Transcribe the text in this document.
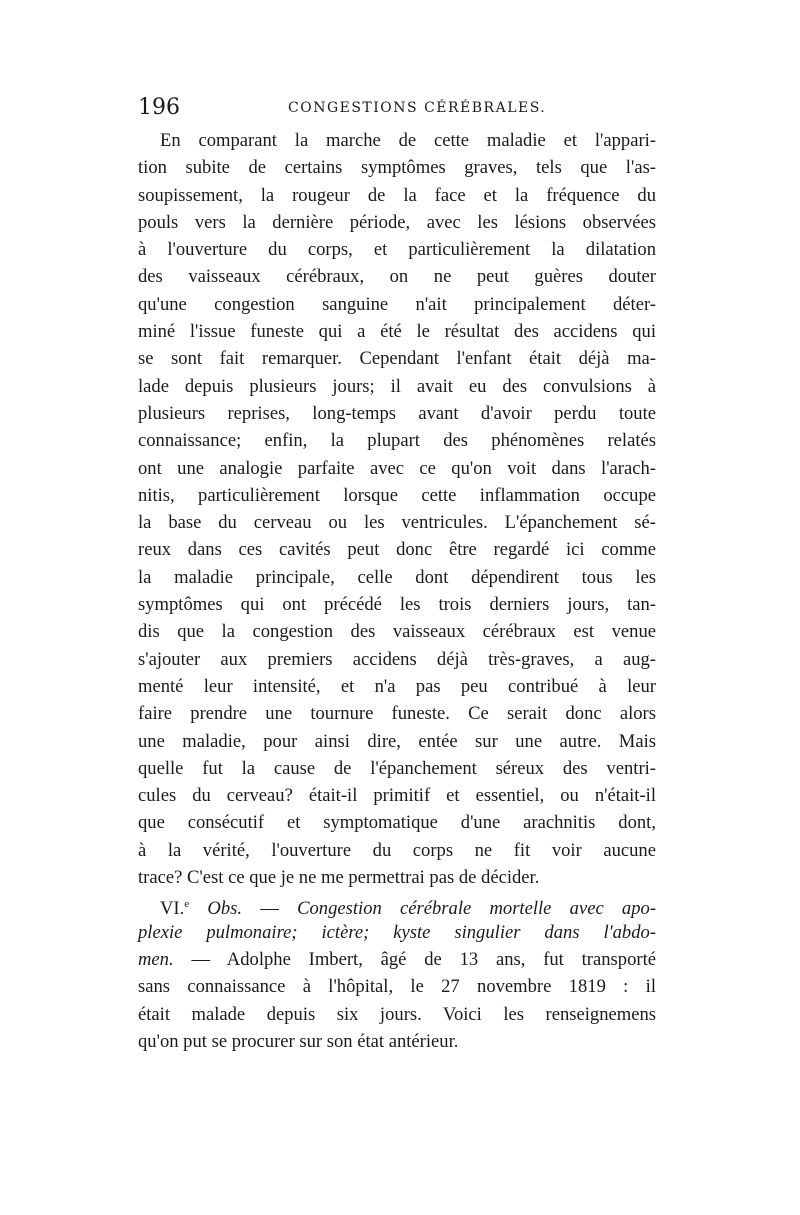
196	CONGESTIONS CÉRÉBRALES.
En comparant la marche de cette maladie et l'appari-
tion subite de certains symptômes graves, tels que l'as-
soupissement, la rougeur de la face et la fréquence du
pouls vers la dernière période, avec les lésions observées
à l'ouverture du corps, et particulièrement la dilatation
des vaisseaux cérébraux, on ne peut guères douter
qu'une congestion sanguine n'ait principalement déter-
miné l'issue funeste qui a été le résultat des accidens qui
se sont fait remarquer. Cependant l'enfant était déjà ma-
lade depuis plusieurs jours; il avait eu des convulsions à
plusieurs reprises, long-temps avant d'avoir perdu toute
connaissance; enfin, la plupart des phénomènes relatés
ont une analogie parfaite avec ce qu'on voit dans l'arach-
nitis, particulièrement lorsque cette inflammation occupe
la base du cerveau ou les ventricules. L'épanchement sé-
reux dans ces cavités peut donc être regardé ici comme
la maladie principale, celle dont dépendirent tous les
symptômes qui ont précédé les trois derniers jours, tan-
dis que la congestion des vaisseaux cérébraux est venue
s'ajouter aux premiers accidens déjà très-graves, a aug-
menté leur intensité, et n'a pas peu contribué à leur
faire prendre une tournure funeste. Ce serait donc alors
une maladie, pour ainsi dire, entée sur une autre. Mais
quelle fut la cause de l'épanchement séreux des ventri-
cules du cerveau? était-il primitif et essentiel, ou n'était-il
que consécutif et symptomatique d'une arachnitis dont,
à la vérité, l'ouverture du corps ne fit voir aucune
trace? C'est ce que je ne me permettrai pas de décider.
VI.$^e$ Obs. — Congestion cérébrale mortelle avec apo-
plexie pulmonaire; ictère; kyste singulier dans l'abdo-
men. — Adolphe Imbert, âgé de 13 ans, fut transporté
sans connaissance à l'hôpital, le 27 novembre 1819 : il
était malade depuis six jours. Voici les renseignemens
qu'on put se procurer sur son état antérieur.
